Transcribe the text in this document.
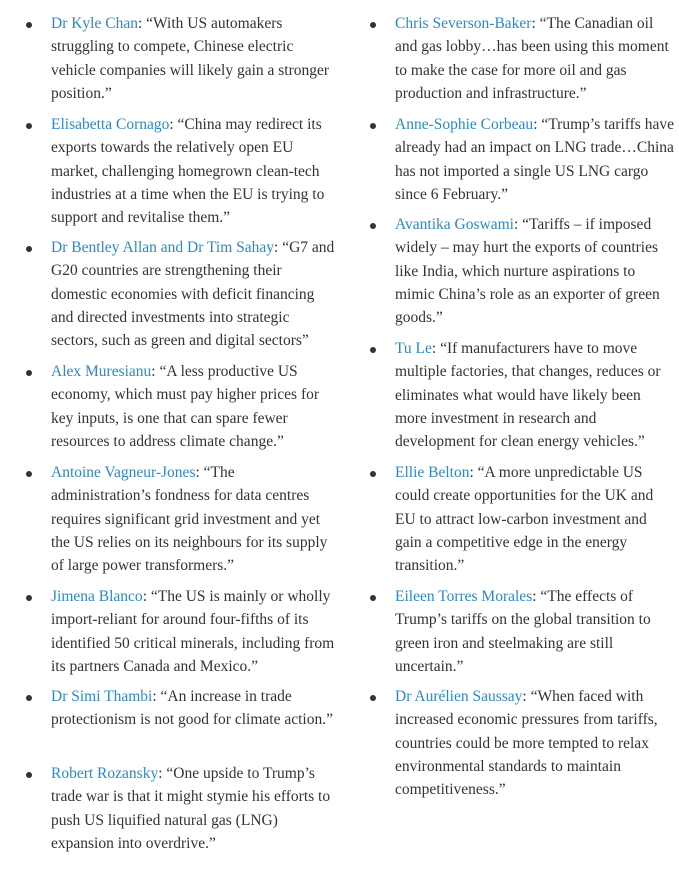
Dr Kyle Chan: “With US automakers struggling to compete, Chinese electric vehicle companies will likely gain a stronger position.”
Elisabetta Cornago: “China may redirect its exports towards the relatively open EU market, challenging homegrown clean-tech industries at a time when the EU is trying to support and revitalise them.”
Dr Bentley Allan and Dr Tim Sahay: “G7 and G20 countries are strengthening their domestic economies with deficit financing and directed investments into strategic sectors, such as green and digital sectors”
Alex Muresianu: “A less productive US economy, which must pay higher prices for key inputs, is one that can spare fewer resources to address climate change.”
Antoine Vagneur-Jones: “The administration’s fondness for data centres requires significant grid investment and yet the US relies on its neighbours for its supply of large power transformers.”
Jimena Blanco: “The US is mainly or wholly import-reliant for around four-fifths of its identified 50 critical minerals, including from its partners Canada and Mexico.”
Dr Simi Thambi: “An increase in trade protectionism is not good for climate action.”
Robert Rozansky: “One upside to Trump’s trade war is that it might stymie his efforts to push US liquified natural gas (LNG) expansion into overdrive.”
Chris Severson-Baker: “The Canadian oil and gas lobby…has been using this moment to make the case for more oil and gas production and infrastructure.”
Anne-Sophie Corbeau: “Trump’s tariffs have already had an impact on LNG trade…China has not imported a single US LNG cargo since 6 February.”
Avantika Goswami: “Tariffs – if imposed widely – may hurt the exports of countries like India, which nurture aspirations to mimic China’s role as an exporter of green goods.”
Tu Le: “If manufacturers have to move multiple factories, that changes, reduces or eliminates what would have likely been more investment in research and development for clean energy vehicles.”
Ellie Belton: “A more unpredictable US could create opportunities for the UK and EU to attract low-carbon investment and gain a competitive edge in the energy transition.”
Eileen Torres Morales: “The effects of Trump’s tariffs on the global transition to green iron and steelmaking are still uncertain.”
Dr Aurélien Saussay: “When faced with increased economic pressures from tariffs, countries could be more tempted to relax environmental standards to maintain competitiveness.”
